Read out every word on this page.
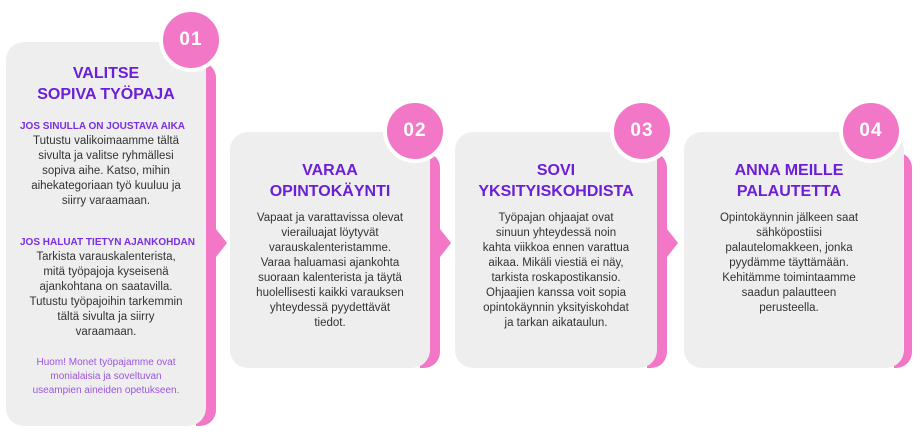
01
VALITSE
SOPIVA TYÖPAJA
JOS SINULLA ON JOUSTAVA AIKA
Tutustu valikoimaamme tältä
sivulta ja valitse ryhmällesi
sopiva aihe. Katso, mihin
aihekategoriaan työ kuuluu ja
siirry varaamaan.
JOS HALUAT TIETYN AJANKOHDAN
Tarkista varauskalenterista,
mitä työpajoja kyseisenä
ajankohtana on saatavilla.
Tutustu työpajoihin tarkemmin
tältä sivulta ja siirry
varaamaan.
Huom! Monet työpajamme ovat
monialaisia ja soveltuvan
useampien aineiden opetukseen.
02
VARAA
OPINTOKÄYNTI
Vapaat ja varattavissa olevat
vierailuajat löytyvät
varauskalenteristamme.
Varaa haluamasi ajankohta
suoraan kalenterista ja täytä
huolellisesti kaikki varauksen
yhteydessä pyydettävät
tiedot.
03
SOVI
YKSITYISKOHDISTA
Työpajan ohjaajat ovat
sinuun yhteydessä noin
kahta viikkoa ennen varattua
aikaa. Mikäli viestiä ei näy,
tarkista roskapostikansio.
Ohjaajien kanssa voit sopia
opintokäynnin yksityiskohdat
ja tarkan aikataulun.
04
ANNA MEILLE
PALAUTETTA
Opintokäynnin jälkeen saat
sähköpostiisi
palautelomakkeen, jonka
pyydämme täyttämään.
Kehitämme toimintaamme
saadun palautteen
perusteella.
